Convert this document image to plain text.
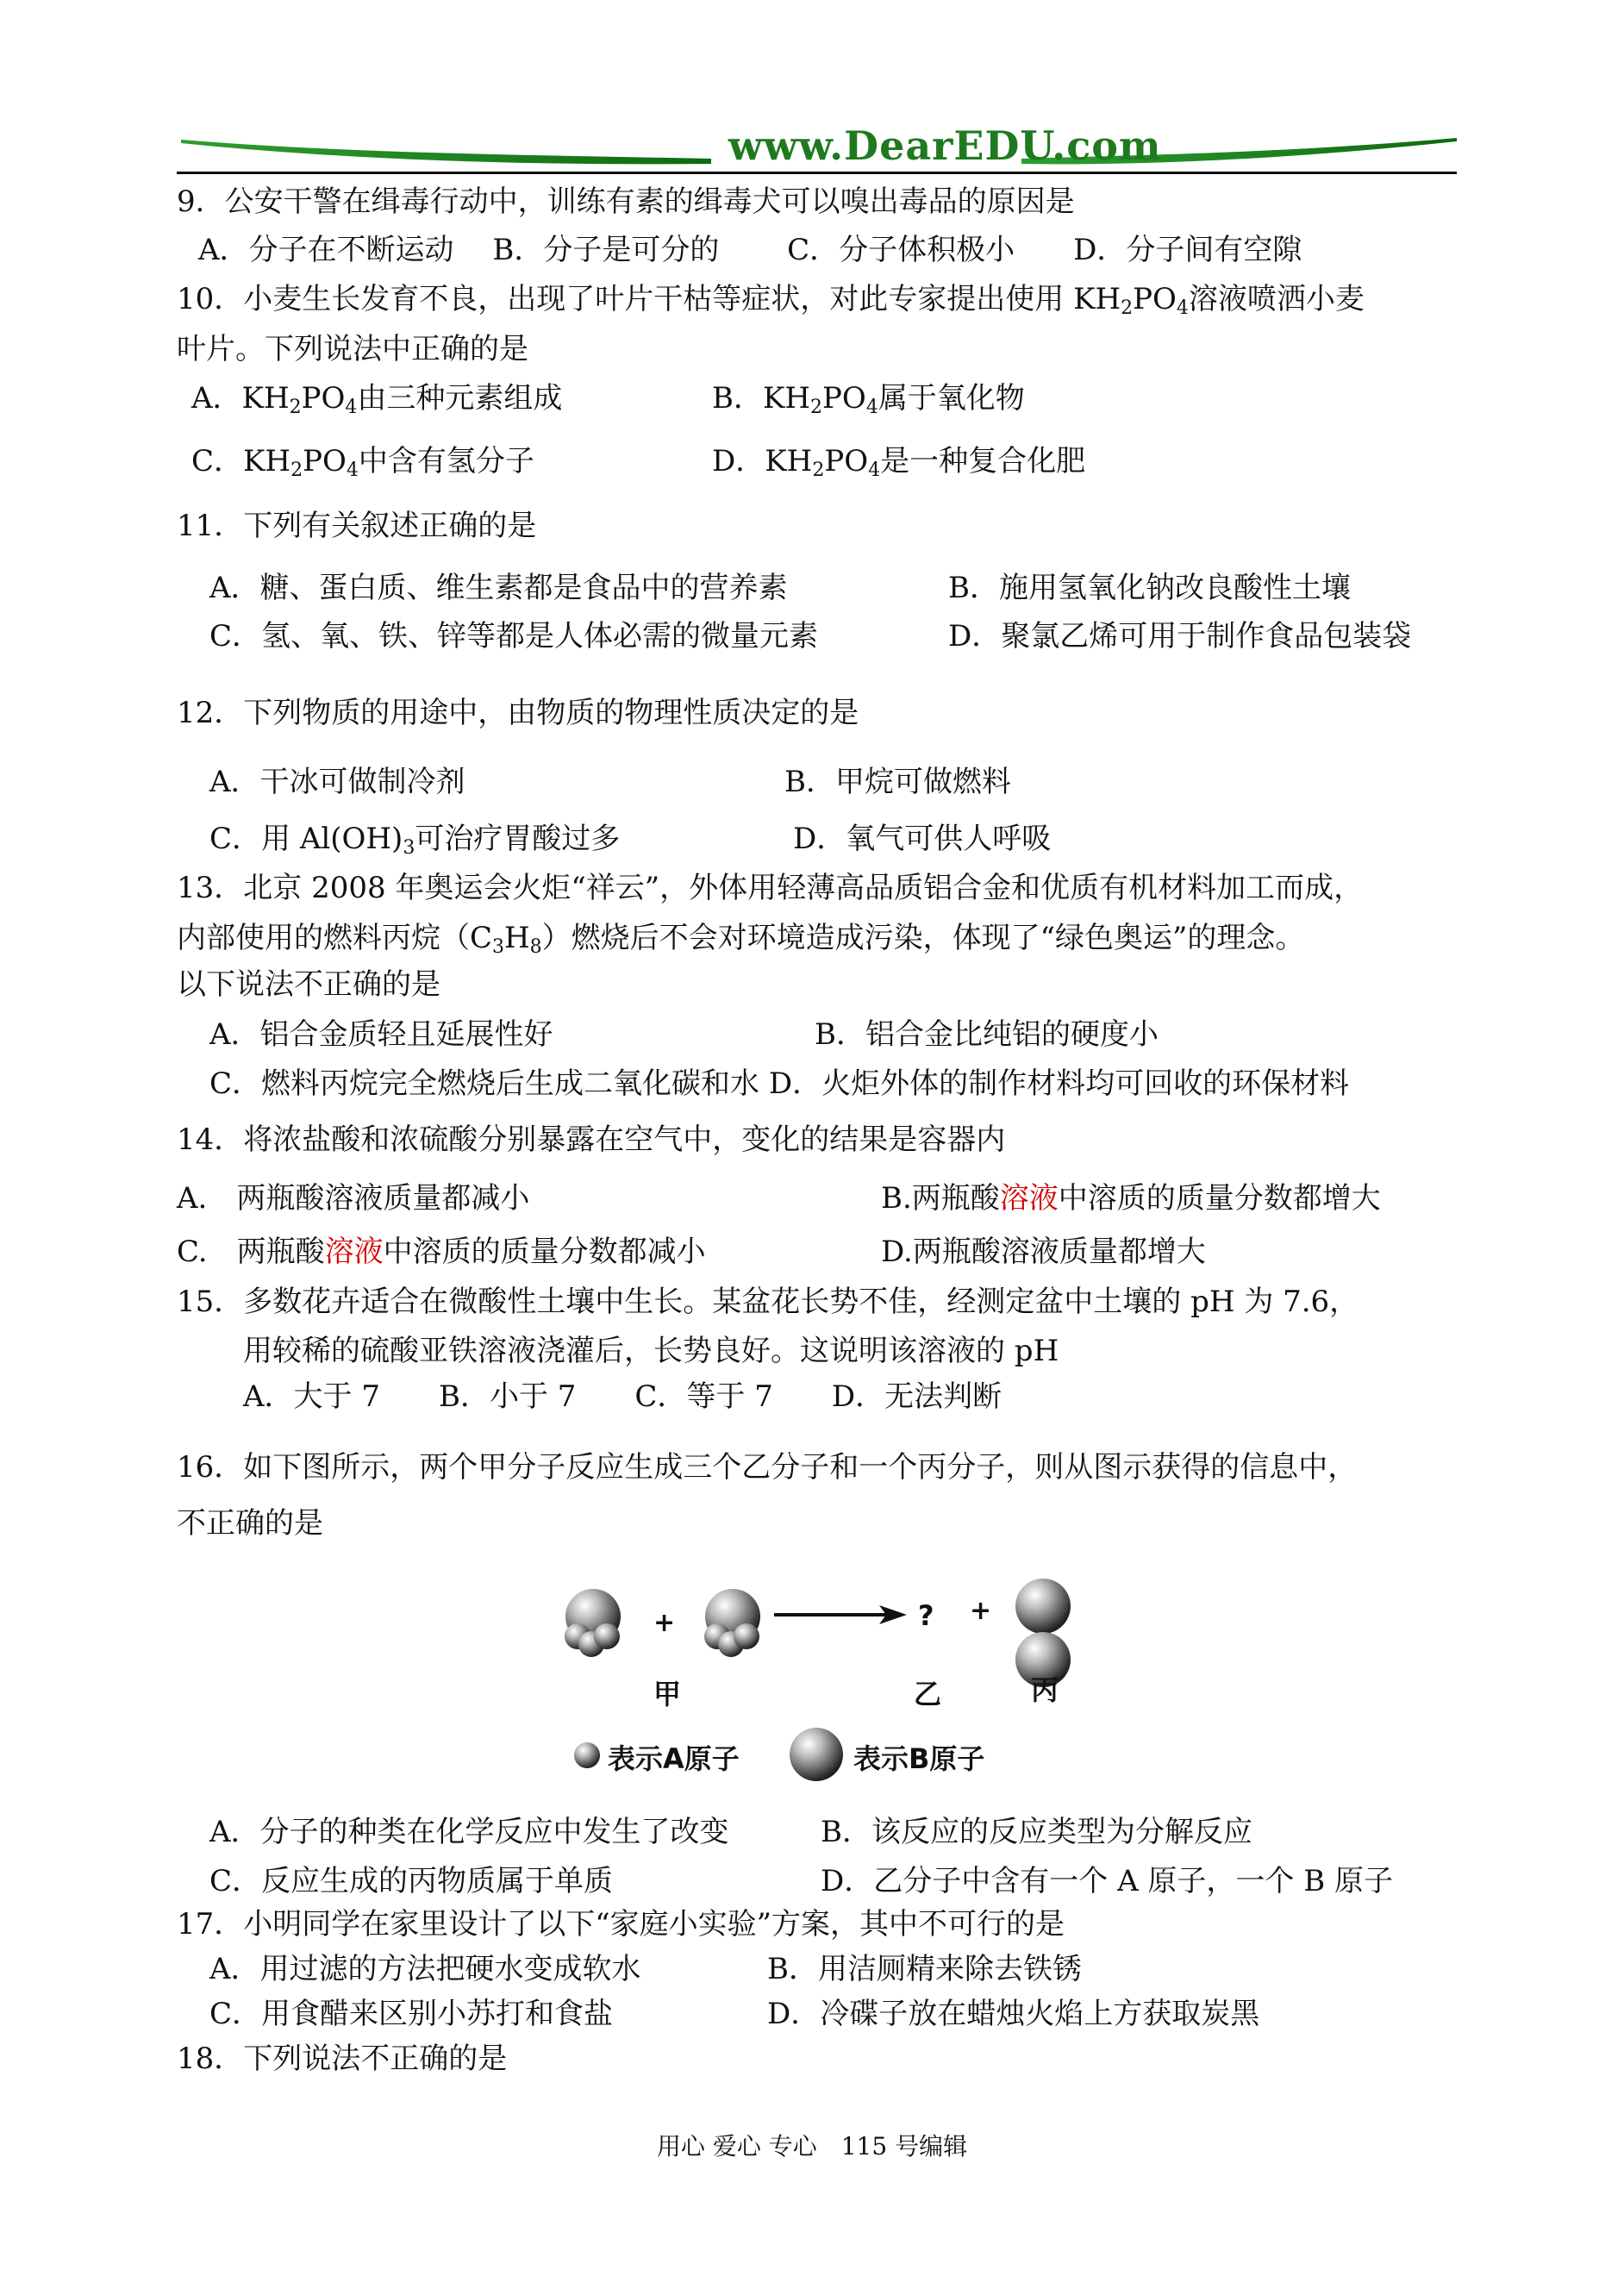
www.DearEDU.com
9．公安干警在缉毒行动中，训练有素的缉毒犬可以嗅出毒品的原因是
A．分子在不断运动　 B．分子是可分的　　 C．分子体积极小　　D．分子间有空隙
10．小麦生长发育不良，出现了叶片干枯等症状，对此专家提出使用 $KH_2PO_4$溶液喷洒小麦
叶片。下列说法中正确的是
A．$KH_2PO_4$由三种元素组成	B．$KH_2PO_4$属于氧化物
C．$KH_2PO_4$中含有氢分子	D．$KH_2PO_4$是一种复合化肥
11．下列有关叙述正确的是
A．糖、蛋白质、维生素都是食品中的营养素	B．施用氢氧化钠改良酸性土壤
C．氢、氧、铁、锌等都是人体必需的微量元素	D．聚氯乙烯可用于制作食品包装袋
12．下列物质的用途中，由物质的物理性质决定的是
A．干冰可做制冷剂	B．甲烷可做燃料
C．用 $Al(OH)_3$可治疗胃酸过多	D．氧气可供人呼吸
13．北京 2008 年奥运会火炬“祥云”，外体用轻薄高品质铝合金和优质有机材料加工而成，
内部使用的燃料丙烷$(C_3H_8)$燃烧后不会对环境造成污染，体现了“绿色奥运”的理念。
以下说法不正确的是
A．铝合金质轻且延展性好	B．铝合金比纯铝的硬度小
C．燃料丙烷完全燃烧后生成二氧化碳和水 D．火炬外体的制作材料均可回收的环保材料
14．将浓盐酸和浓硫酸分别暴露在空气中，变化的结果是容器内
A.　两瓶酸溶液质量都减小	B.两瓶酸溶液中溶质的质量分数都增大
C.　两瓶酸溶液中溶质的质量分数都减小	D.两瓶酸溶液质量都增大
15．多数花卉适合在微酸性土壤中生长。某盆花长势不佳，经测定盆中土壤的 pH 为 7.6，
用较稀的硫酸亚铁溶液浇灌后，长势良好。这说明该溶液的 pH
A．大于 7　　B．小于 7　　C．等于 7　　D．无法判断
16．如下图所示，两个甲分子反应生成三个乙分子和一个丙分子，则从图示获得的信息中，
不正确的是
+	? +
甲	乙	丙
表示A原子	表示B原子
A．分子的种类在化学反应中发生了改变	B．该反应的反应类型为分解反应
C．反应生成的丙物质属于单质	D．乙分子中含有一个 A 原子，一个 B 原子
17．小明同学在家里设计了以下“家庭小实验”方案，其中不可行的是
A．用过滤的方法把硬水变成软水	B．用洁厕精来除去铁锈
C．用食醋来区别小苏打和食盐	D．冷碟子放在蜡烛火焰上方获取炭黑
18．下列说法不正确的是
用心 爱心 专心　115 号编辑
